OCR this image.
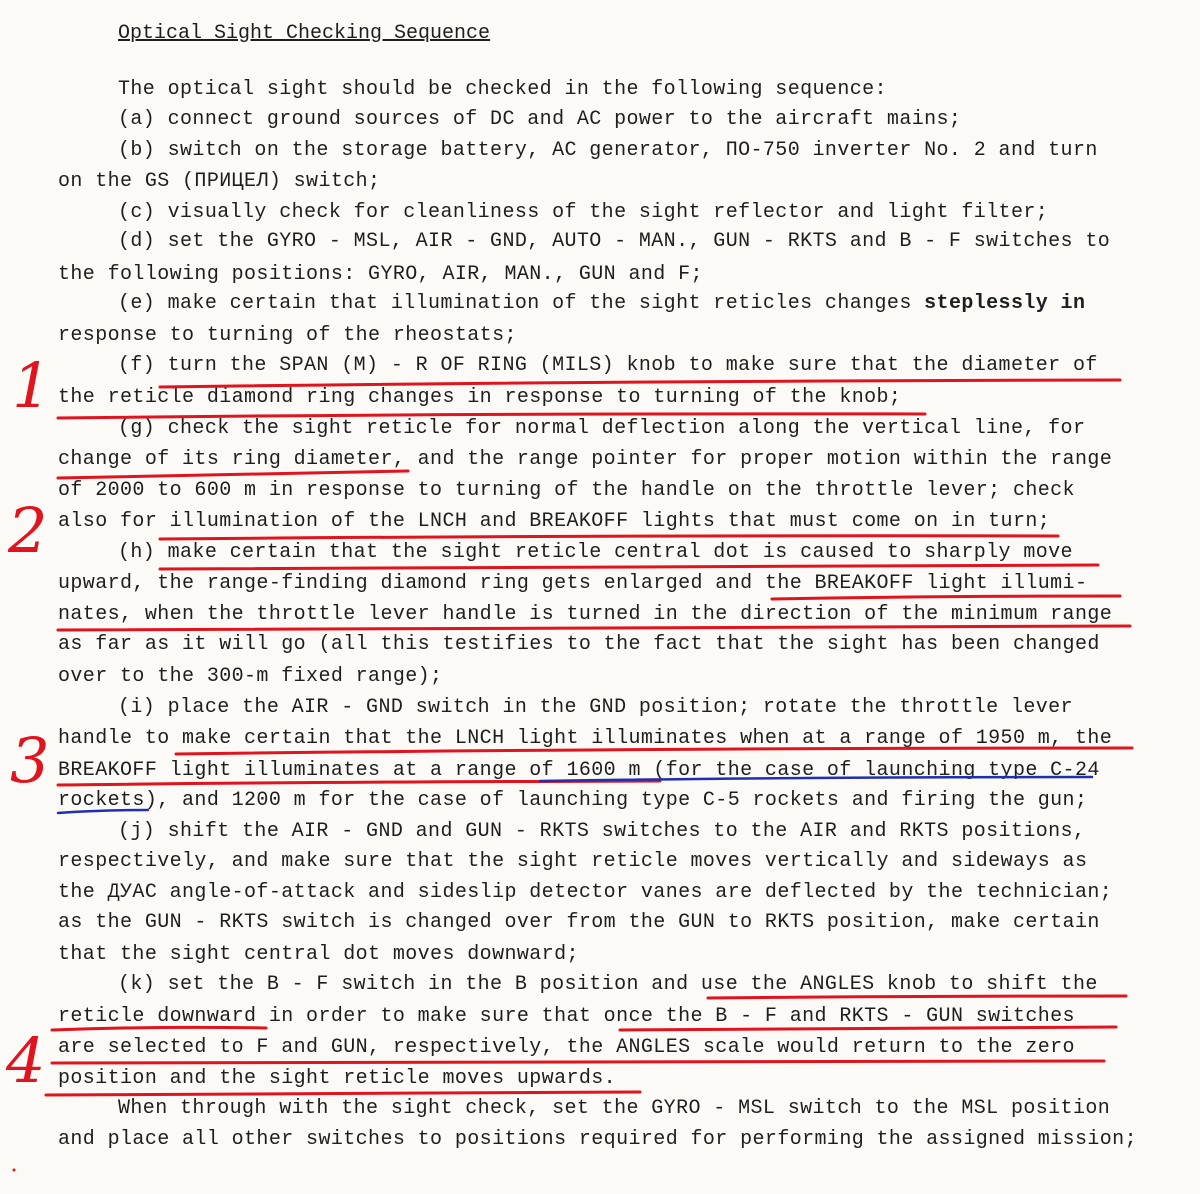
Optical Sight Checking Sequence
The optical sight should be checked in the following sequence:
(a) connect ground sources of DC and AC power to the aircraft mains;
(b) switch on the storage battery, AC generator, ПО-750 inverter No. 2 and turn
on the GS (ПРИЦЕЛ) switch;
(c) visually check for cleanliness of the sight reflector and light filter;
(d) set the GYRO - MSL, AIR - GND, AUTO - MAN., GUN - RKTS and B - F switches to
the following positions: GYRO, AIR, MAN., GUN and F;
(e) make certain that illumination of the sight reticles changes steplessly in
response to turning of the rheostats;
(f) turn the SPAN (M) - R OF RING (MILS) knob to make sure that the diameter of
the reticle diamond ring changes in response to turning of the knob;
(g) check the sight reticle for normal deflection along the vertical line, for
change of its ring diameter, and the range pointer for proper motion within the range
of 2000 to 600 m in response to turning of the handle on the throttle lever; check
also for illumination of the LNCH and BREAKOFF lights that must come on in turn;
(h) make certain that the sight reticle central dot is caused to sharply move
upward, the range-finding diamond ring gets enlarged and the BREAKOFF light illumi-
nates, when the throttle lever handle is turned in the direction of the minimum range
as far as it will go (all this testifies to the fact that the sight has been changed
over to the 300-m fixed range);
(i) place the AIR - GND switch in the GND position; rotate the throttle lever
handle to make certain that the LNCH light illuminates when at a range of 1950 m, the
BREAKOFF light illuminates at a range of 1600 m (for the case of launching type C-24
rockets), and 1200 m for the case of launching type C-5 rockets and firing the gun;
(j) shift the AIR - GND and GUN - RKTS switches to the AIR and RKTS positions,
respectively, and make sure that the sight reticle moves vertically and sideways as
the ДУАС angle-of-attack and sideslip detector vanes are deflected by the technician;
as the GUN - RKTS switch is changed over from the GUN to RKTS position, make certain
that the sight central dot moves downward;
(k) set the B - F switch in the B position and use the ANGLES knob to shift the
reticle downward in order to make sure that once the B - F and RKTS - GUN switches
are selected to F and GUN, respectively, the ANGLES scale would return to the zero
position and the sight reticle moves upwards.
When through with the sight check, set the GYRO - MSL switch to the MSL position
and place all other switches to positions required for performing the assigned mission;
1
2
3
4
